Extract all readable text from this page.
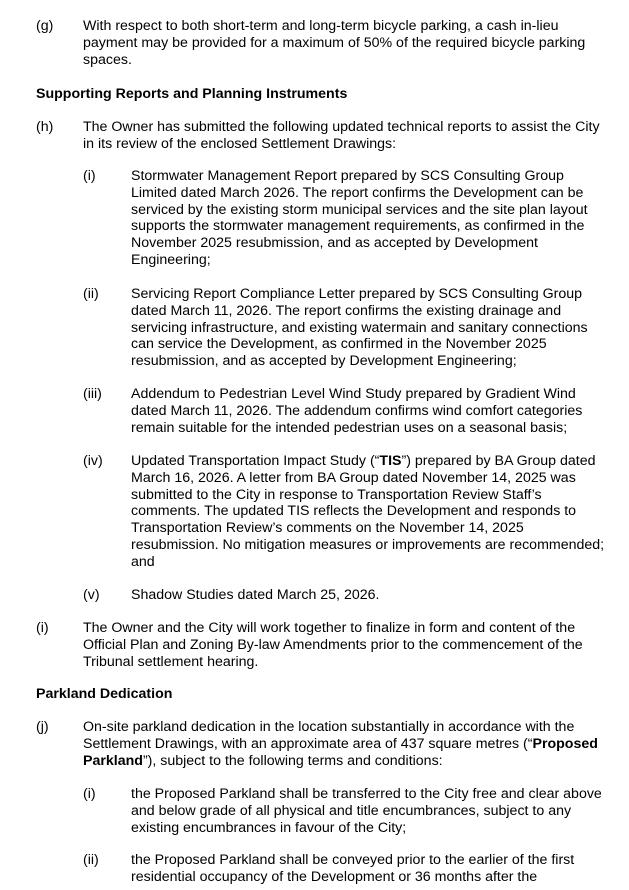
(g) With respect to both short-term and long-term bicycle parking, a cash in-lieu payment may be provided for a maximum of 50% of the required bicycle parking spaces.
Supporting Reports and Planning Instruments
(h) The Owner has submitted the following updated technical reports to assist the City in its review of the enclosed Settlement Drawings:
(i) Stormwater Management Report prepared by SCS Consulting Group Limited dated March 2026. The report confirms the Development can be serviced by the existing storm municipal services and the site plan layout supports the stormwater management requirements, as confirmed in the November 2025 resubmission, and as accepted by Development Engineering;
(ii) Servicing Report Compliance Letter prepared by SCS Consulting Group dated March 11, 2026. The report confirms the existing drainage and servicing infrastructure, and existing watermain and sanitary connections can service the Development, as confirmed in the November 2025 resubmission, and as accepted by Development Engineering;
(iii) Addendum to Pedestrian Level Wind Study prepared by Gradient Wind dated March 11, 2026. The addendum confirms wind comfort categories remain suitable for the intended pedestrian uses on a seasonal basis;
(iv) Updated Transportation Impact Study (“TIS”) prepared by BA Group dated March 16, 2026. A letter from BA Group dated November 14, 2025 was submitted to the City in response to Transportation Review Staff’s comments. The updated TIS reflects the Development and responds to Transportation Review’s comments on the November 14, 2025 resubmission. No mitigation measures or improvements are recommended; and
(v) Shadow Studies dated March 25, 2026.
(i) The Owner and the City will work together to finalize in form and content of the Official Plan and Zoning By-law Amendments prior to the commencement of the Tribunal settlement hearing.
Parkland Dedication
(j) On-site parkland dedication in the location substantially in accordance with the Settlement Drawings, with an approximate area of 437 square metres (“Proposed Parkland”), subject to the following terms and conditions:
(i) the Proposed Parkland shall be transferred to the City free and clear above and below grade of all physical and title encumbrances, subject to any existing encumbrances in favour of the City;
(ii) the Proposed Parkland shall be conveyed prior to the earlier of the first residential occupancy of the Development or 36 months after the
